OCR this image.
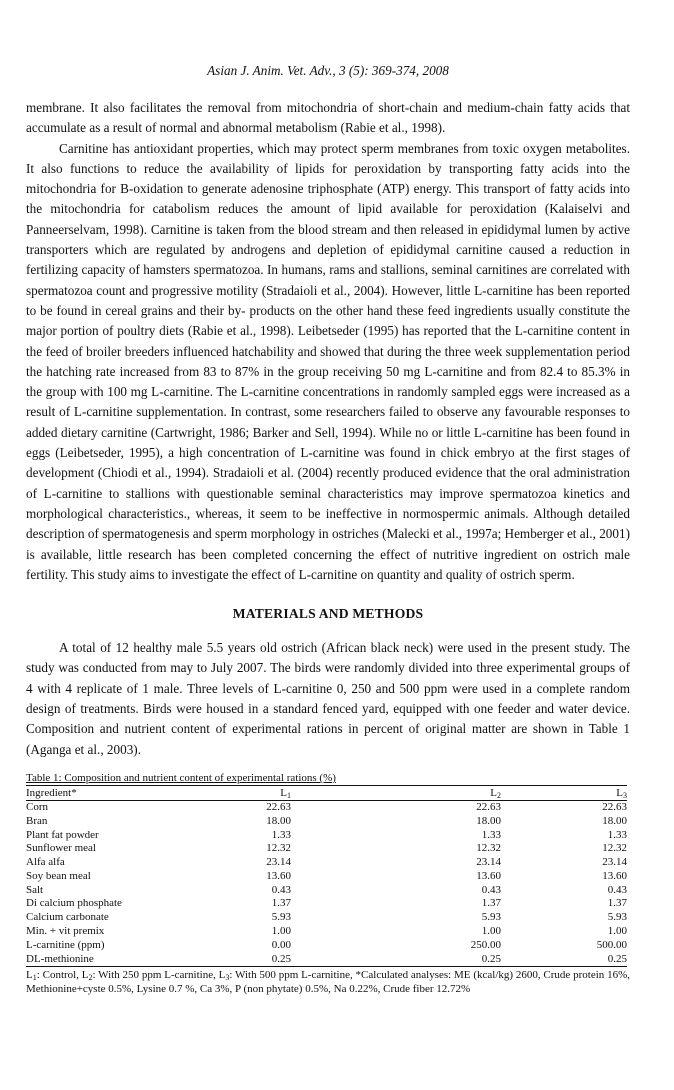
Asian J. Anim. Vet. Adv., 3 (5): 369-374, 2008

membrane. It also facilitates the removal from mitochondria of short-chain and medium-chain fatty acids that accumulate as a result of normal and abnormal metabolism (Rabie et al., 1998).

Carnitine has antioxidant properties, which may protect sperm membranes from toxic oxygen metabolites. It also functions to reduce the availability of lipids for peroxidation by transporting fatty acids into the mitochondria for B-oxidation to generate adenosine triphosphate (ATP) energy. This transport of fatty acids into the mitochondria for catabolism reduces the amount of lipid available for peroxidation (Kalaiselvi and Panneerselvam, 1998). Carnitine is taken from the blood stream and then released in epididymal lumen by active transporters which are regulated by androgens and depletion of epididymal carnitine caused a reduction in fertilizing capacity of hamsters spermatozoa. In humans, rams and stallions, seminal carnitines are correlated with spermatozoa count and progressive motility (Stradaioli et al., 2004). However, little L-carnitine has been reported to be found in cereal grains and their by- products on the other hand these feed ingredients usually constitute the major portion of poultry diets (Rabie et al., 1998). Leibetseder (1995) has reported that the L-carnitine content in the feed of broiler breeders influenced hatchability and showed that during the three week supplementation period the hatching rate increased from 83 to 87% in the group receiving 50 mg L-carnitine and from 82.4 to 85.3% in the group with 100 mg L-carnitine. The L-carnitine concentrations in randomly sampled eggs were increased as a result of L-carnitine supplementation. In contrast, some researchers failed to observe any favourable responses to added dietary carnitine (Cartwright, 1986; Barker and Sell, 1994). While no or little L-carnitine has been found in eggs (Leibetseder, 1995), a high concentration of L-carnitine was found in chick embryo at the first stages of development (Chiodi et al., 1994). Stradaioli et al. (2004) recently produced evidence that the oral administration of L-carnitine to stallions with questionable seminal characteristics may improve spermatozoa kinetics and morphological characteristics., whereas, it seem to be ineffective in normospermic animals. Although detailed description of spermatogenesis and sperm morphology in ostriches (Malecki et al., 1997a; Hemberger et al., 2001) is available, little research has been completed concerning the effect of nutritive ingredient on ostrich male fertility. This study aims to investigate the effect of L-carnitine on quantity and quality of ostrich sperm.

MATERIALS AND METHODS

A total of 12 healthy male 5.5 years old ostrich (African black neck) were used in the present study. The study was conducted from may to July 2007. The birds were randomly divided into three experimental groups of 4 with 4 replicate of 1 male. Three levels of L-carnitine 0, 250 and 500 ppm were used in a complete random design of treatments. Birds were housed in a standard fenced yard, equipped with one feeder and water device. Composition and nutrient content of experimental rations in percent of original matter are shown in Table 1 (Aganga et al., 2003).

Table 1: Composition and nutrient content of experimental rations (%)
Ingredient*	$L_1$	$L_2$	$L_3$
Corn	22.63	22.63	22.63
Bran	18.00	18.00	18.00
Plant fat powder	1.33	1.33	1.33
Sunflower meal	12.32	12.32	12.32
Alfa alfa	23.14	23.14	23.14
Soy bean meal	13.60	13.60	13.60
Salt	0.43	0.43	0.43
Di calcium phosphate	1.37	1.37	1.37
Calcium carbonate	5.93	5.93	5.93
Min. + vit premix	1.00	1.00	1.00
L-carnitine (ppm)	0.00	250.00	500.00
DL-methionine	0.25	0.25	0.25
$L_1$: Control, $L_2$: With 250 ppm L-carnitine, $L_3$: With 500 ppm L-carnitine, *Calculated analyses: ME (kcal/kg) 2600, Crude protein 16%, Methionine+cyste 0.5%, Lysine 0.7 %, Ca 3%, P (non phytate) 0.5%, Na 0.22%, Crude fiber 12.72%
